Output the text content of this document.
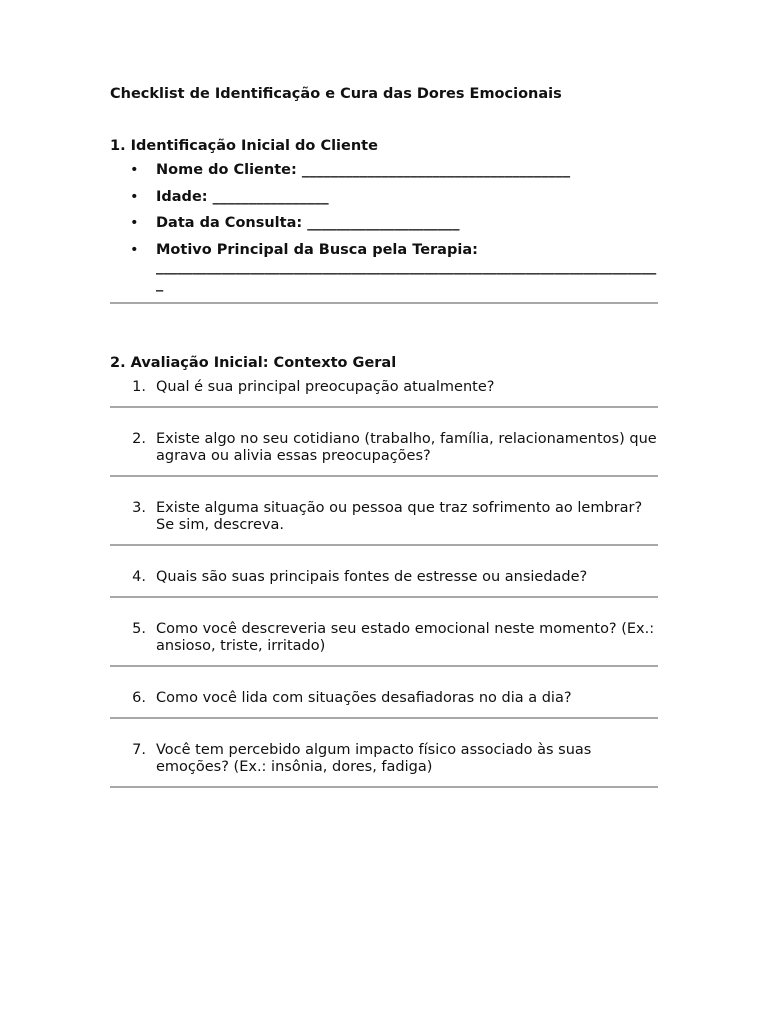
Checklist de Identificação e Cura das Dores Emocionais

1. Identificação Inicial do Cliente

• Nome do Cliente: _____________________________________
• Idade: ________________
• Data da Consulta: _____________________
• Motivo Principal da Busca pela Terapia:
______________________________________________________________________

2. Avaliação Inicial: Contexto Geral

1. Qual é sua principal preocupação atualmente?
2. Existe algo no seu cotidiano (trabalho, família, relacionamentos) que agrava ou alivia essas preocupações?
3. Existe alguma situação ou pessoa que traz sofrimento ao lembrar? Se sim, descreva.
4. Quais são suas principais fontes de estresse ou ansiedade?
5. Como você descreveria seu estado emocional neste momento? (Ex.: ansioso, triste, irritado)
6. Como você lida com situações desafiadoras no dia a dia?
7. Você tem percebido algum impacto físico associado às suas emoções? (Ex.: insônia, dores, fadiga)
